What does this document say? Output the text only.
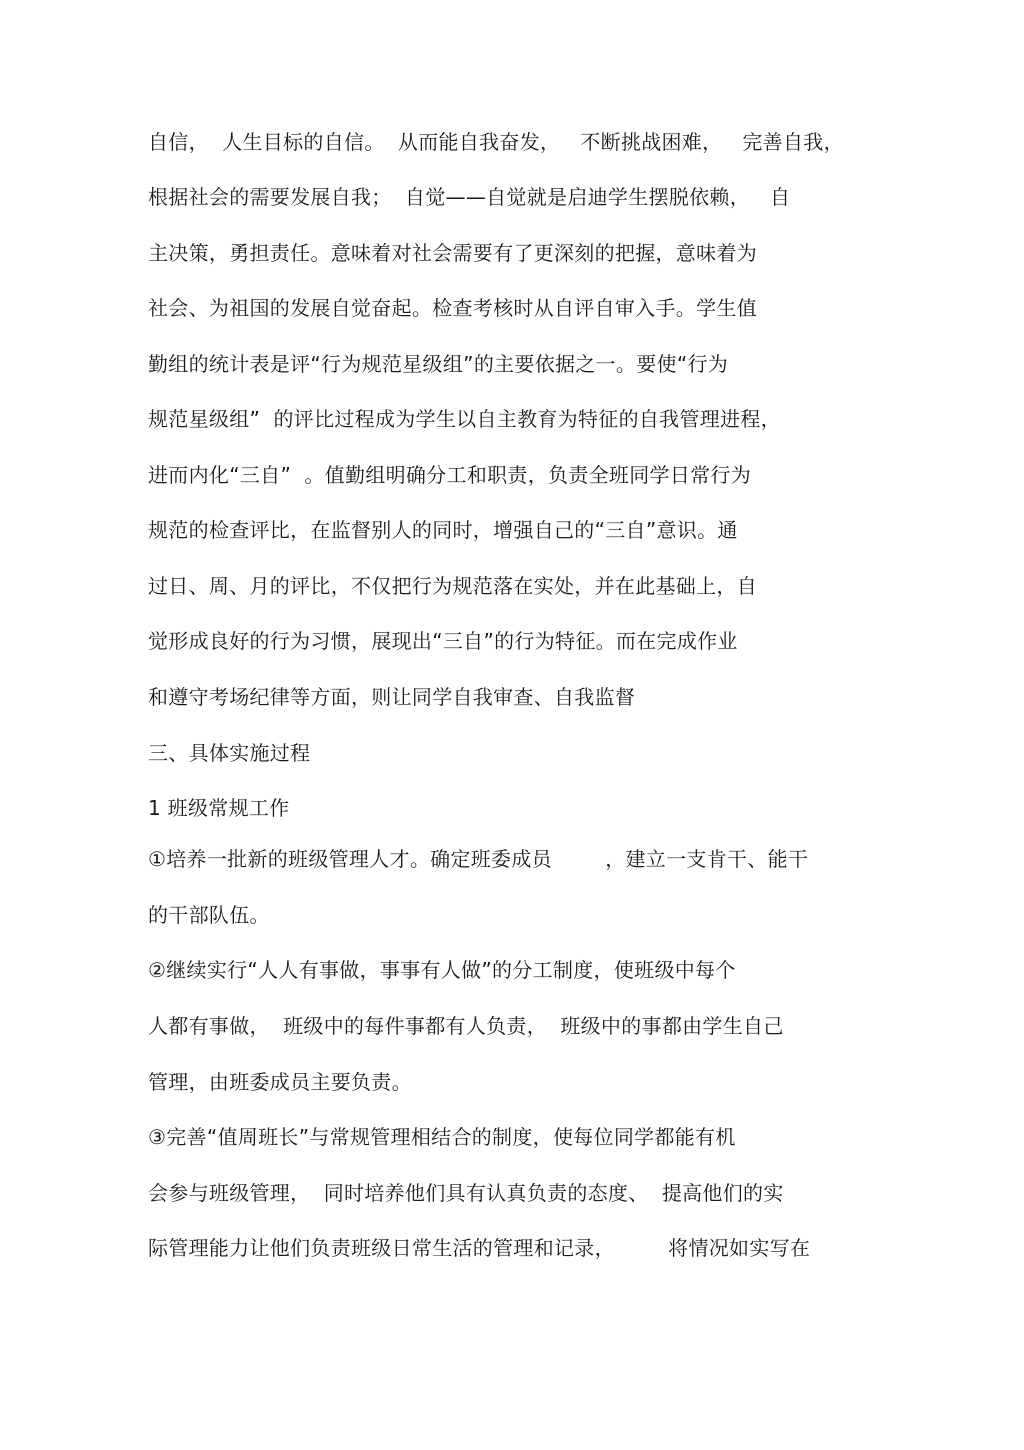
自信，  人生目标的自信。  从而能自我奋发，   不断挑战困难，   完善自我，
根据社会的需要发展自我；  自觉——自觉就是启迪学生摆脱依赖，   自
主决策，勇担责任。意味着对社会需要有了更深刻的把握，意味着为
社会、为祖国的发展自觉奋起。检查考核时从自评自审入手。学生值
勤组的统计表是评“行为规范星级组”的主要依据之一。要使“行为
规范星级组”  的评比过程成为学生以自主教育为特征的自我管理进程，
进而内化“三自”  。值勤组明确分工和职责，负责全班同学日常行为
规范的检查评比，在监督别人的同时，增强自己的“三自”意识。通
过日、周、月的评比，不仅把行为规范落在实处，并在此基础上，自
觉形成良好的行为习惯，展现出“三自”的行为特征。而在完成作业
和遵守考场纪律等方面，则让同学自我审查、自我监督
三、具体实施过程
1 班级常规工作
①培养一批新的班级管理人才。确定班委成员        ，建立一支肯干、能干
的干部队伍。
②继续实行“人人有事做，事事有人做”的分工制度，使班级中每个
人都有事做，  班级中的每件事都有人负责，  班级中的事都由学生自己
管理，由班委成员主要负责。
③完善“值周班长”与常规管理相结合的制度，使每位同学都能有机
会参与班级管理，  同时培养他们具有认真负责的态度、  提高他们的实
际管理能力让他们负责班级日常生活的管理和记录，        将情况如实写在
